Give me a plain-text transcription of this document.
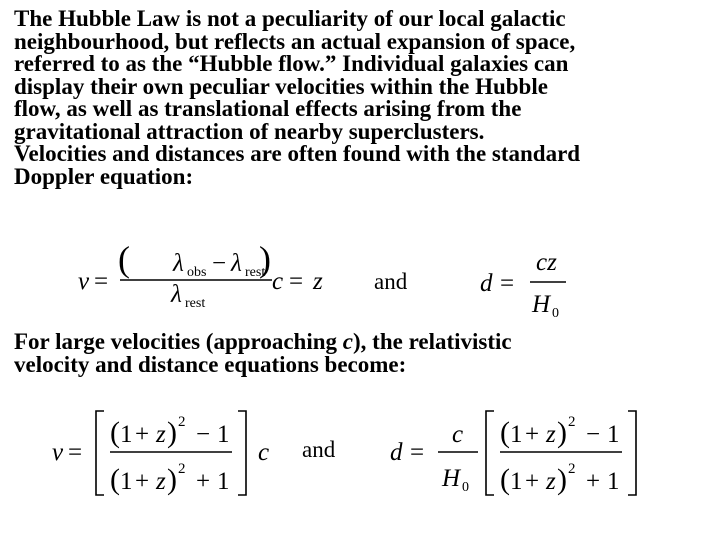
The Hubble Law is not a peculiarity of our local galactic
neighbourhood, but reflects an actual expansion of space,
referred to as the “Hubble flow.” Individual galaxies can
display their own peculiar velocities within the Hubble
flow, as well as translational effects arising from the
gravitational attraction of nearby superclusters.
Velocities and distances are often found with the standard
Doppler equation:
v =
( λ obs − λ rest
)
λ rest
c = z and	d =
cz
H 0
For large velocities (approaching c), the relativistic
velocity and distance equations become:
v =
( 1 + z ) 2 − 1
( 1 + z ) 2 + 1
c and d =
c
H 0
( 1 + z ) 2 − 1
( 1 + z ) 2 + 1
